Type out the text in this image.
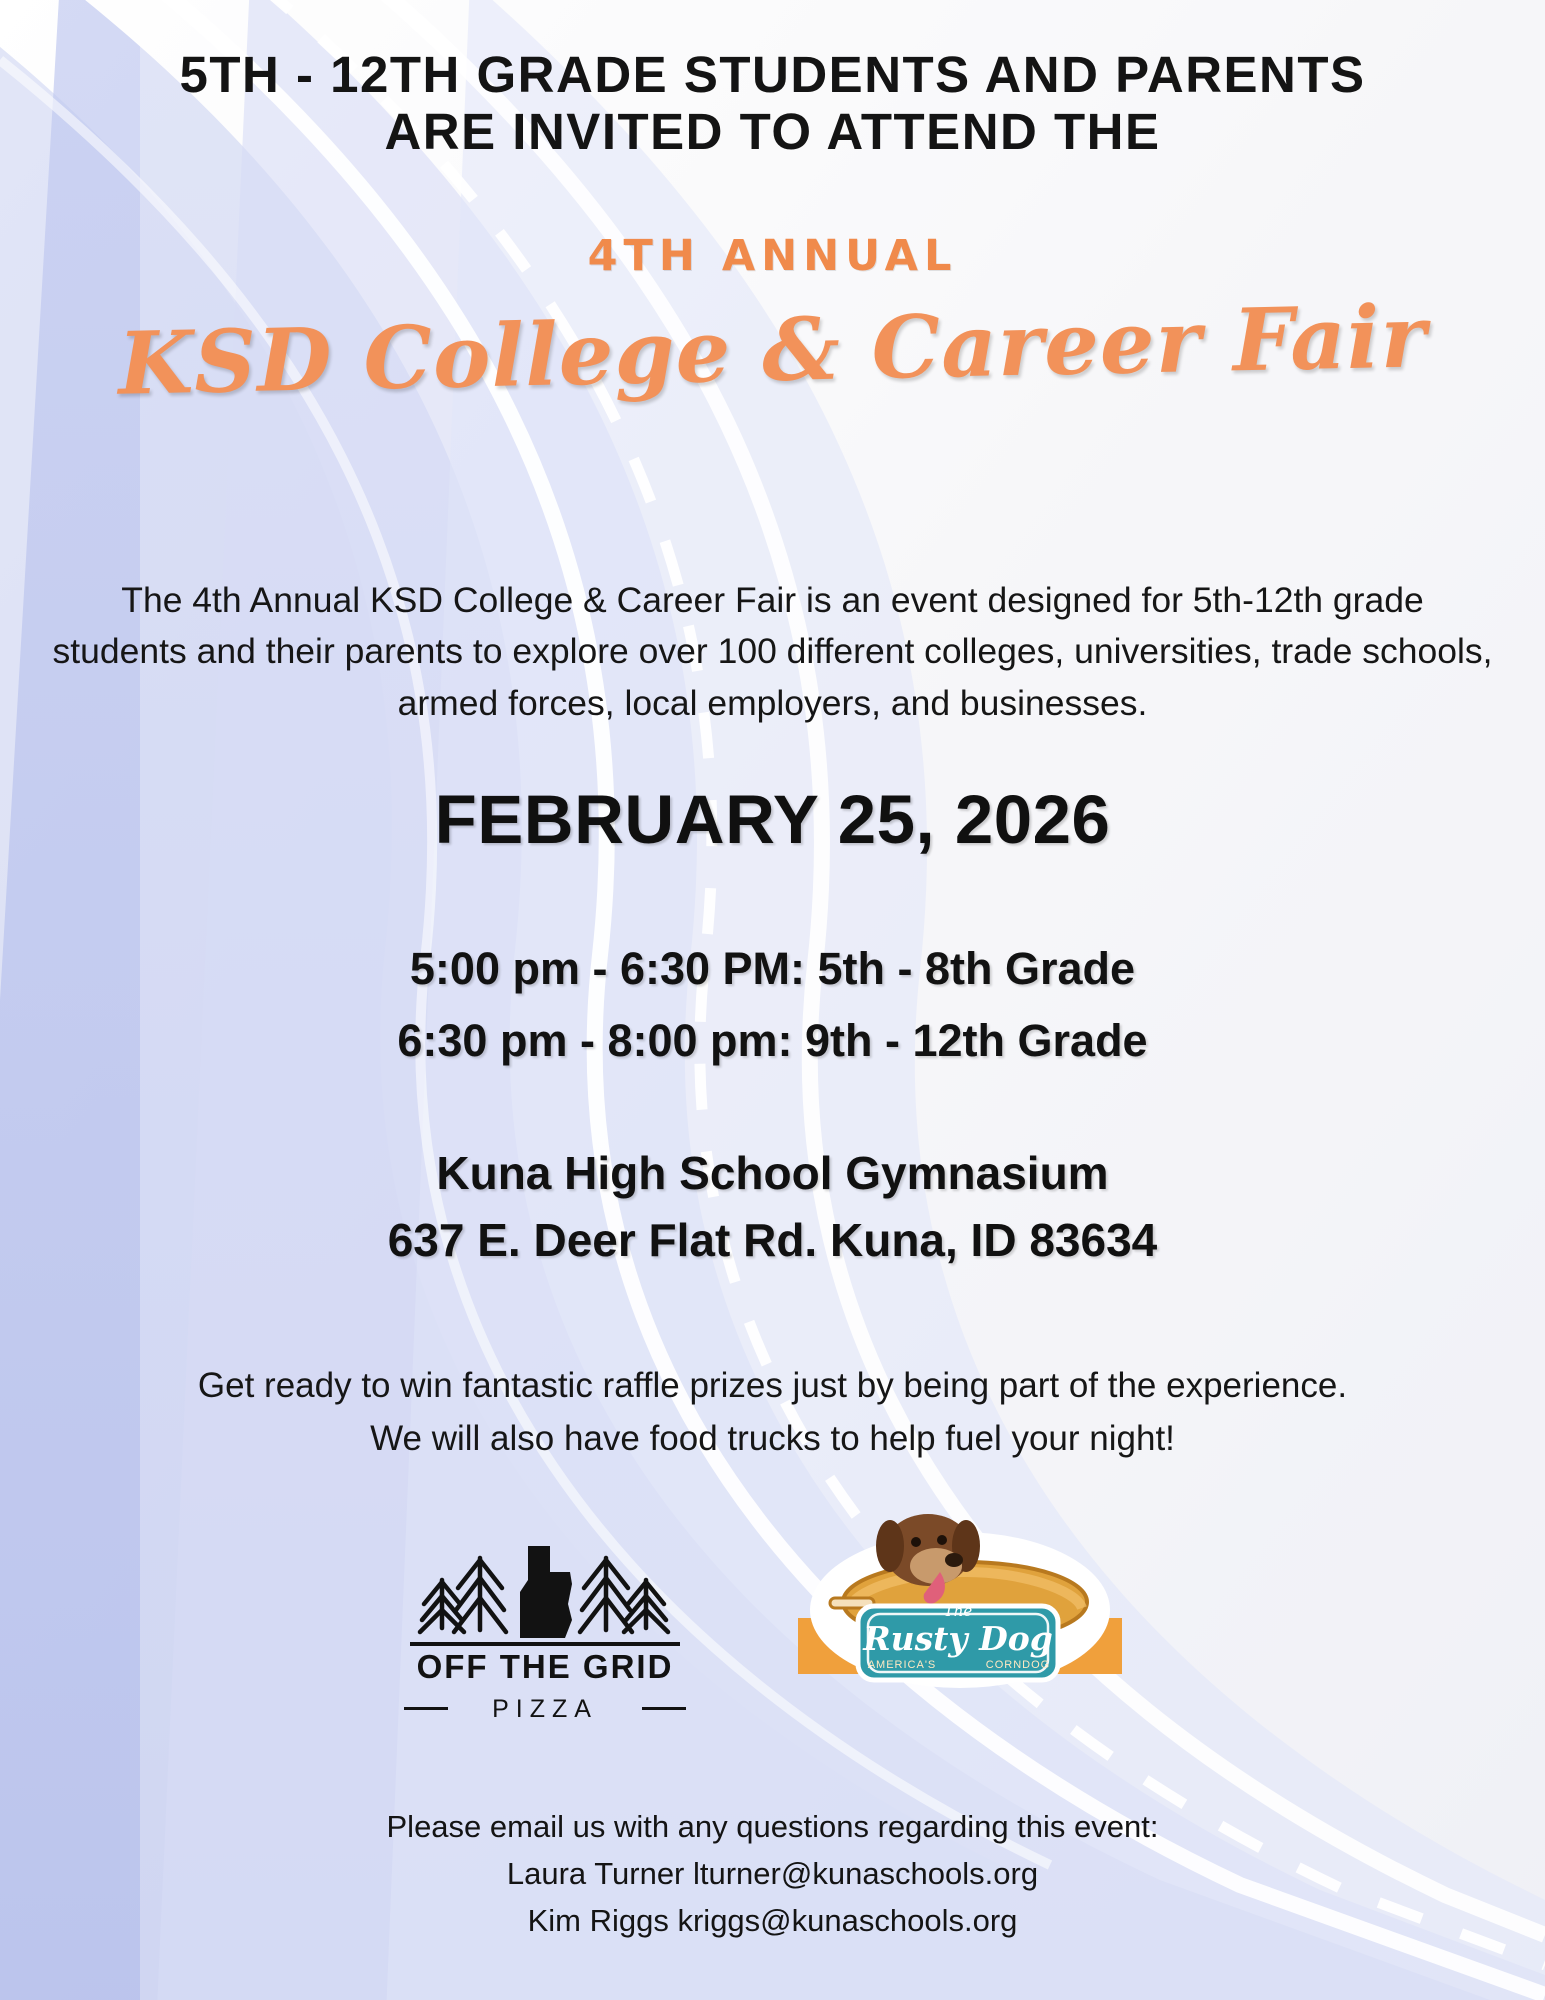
5TH - 12TH GRADE STUDENTS AND PARENTS
ARE INVITED TO ATTEND THE
4TH ANNUAL
KSD College & Career Fair
The 4th Annual KSD College & Career Fair is an event designed for 5th-12th grade students and their parents to explore over 100 different colleges, universities, trade schools, armed forces, local employers, and businesses.
FEBRUARY 25, 2026
5:00 pm - 6:30 PM: 5th - 8th Grade
6:30 pm - 8:00 pm: 9th - 12th Grade
Kuna High School Gymnasium
637 E. Deer Flat Rd. Kuna, ID 83634
Get ready to win fantastic raffle prizes just by being part of the experience.
We will also have food trucks to help fuel your night!
OFF THE GRID
PIZZA
The
Rusty Dog
AMERICA'S	CORNDOG
Please email us with any questions regarding this event:
Laura Turner lturner@kunaschools.org
Kim Riggs kriggs@kunaschools.org
